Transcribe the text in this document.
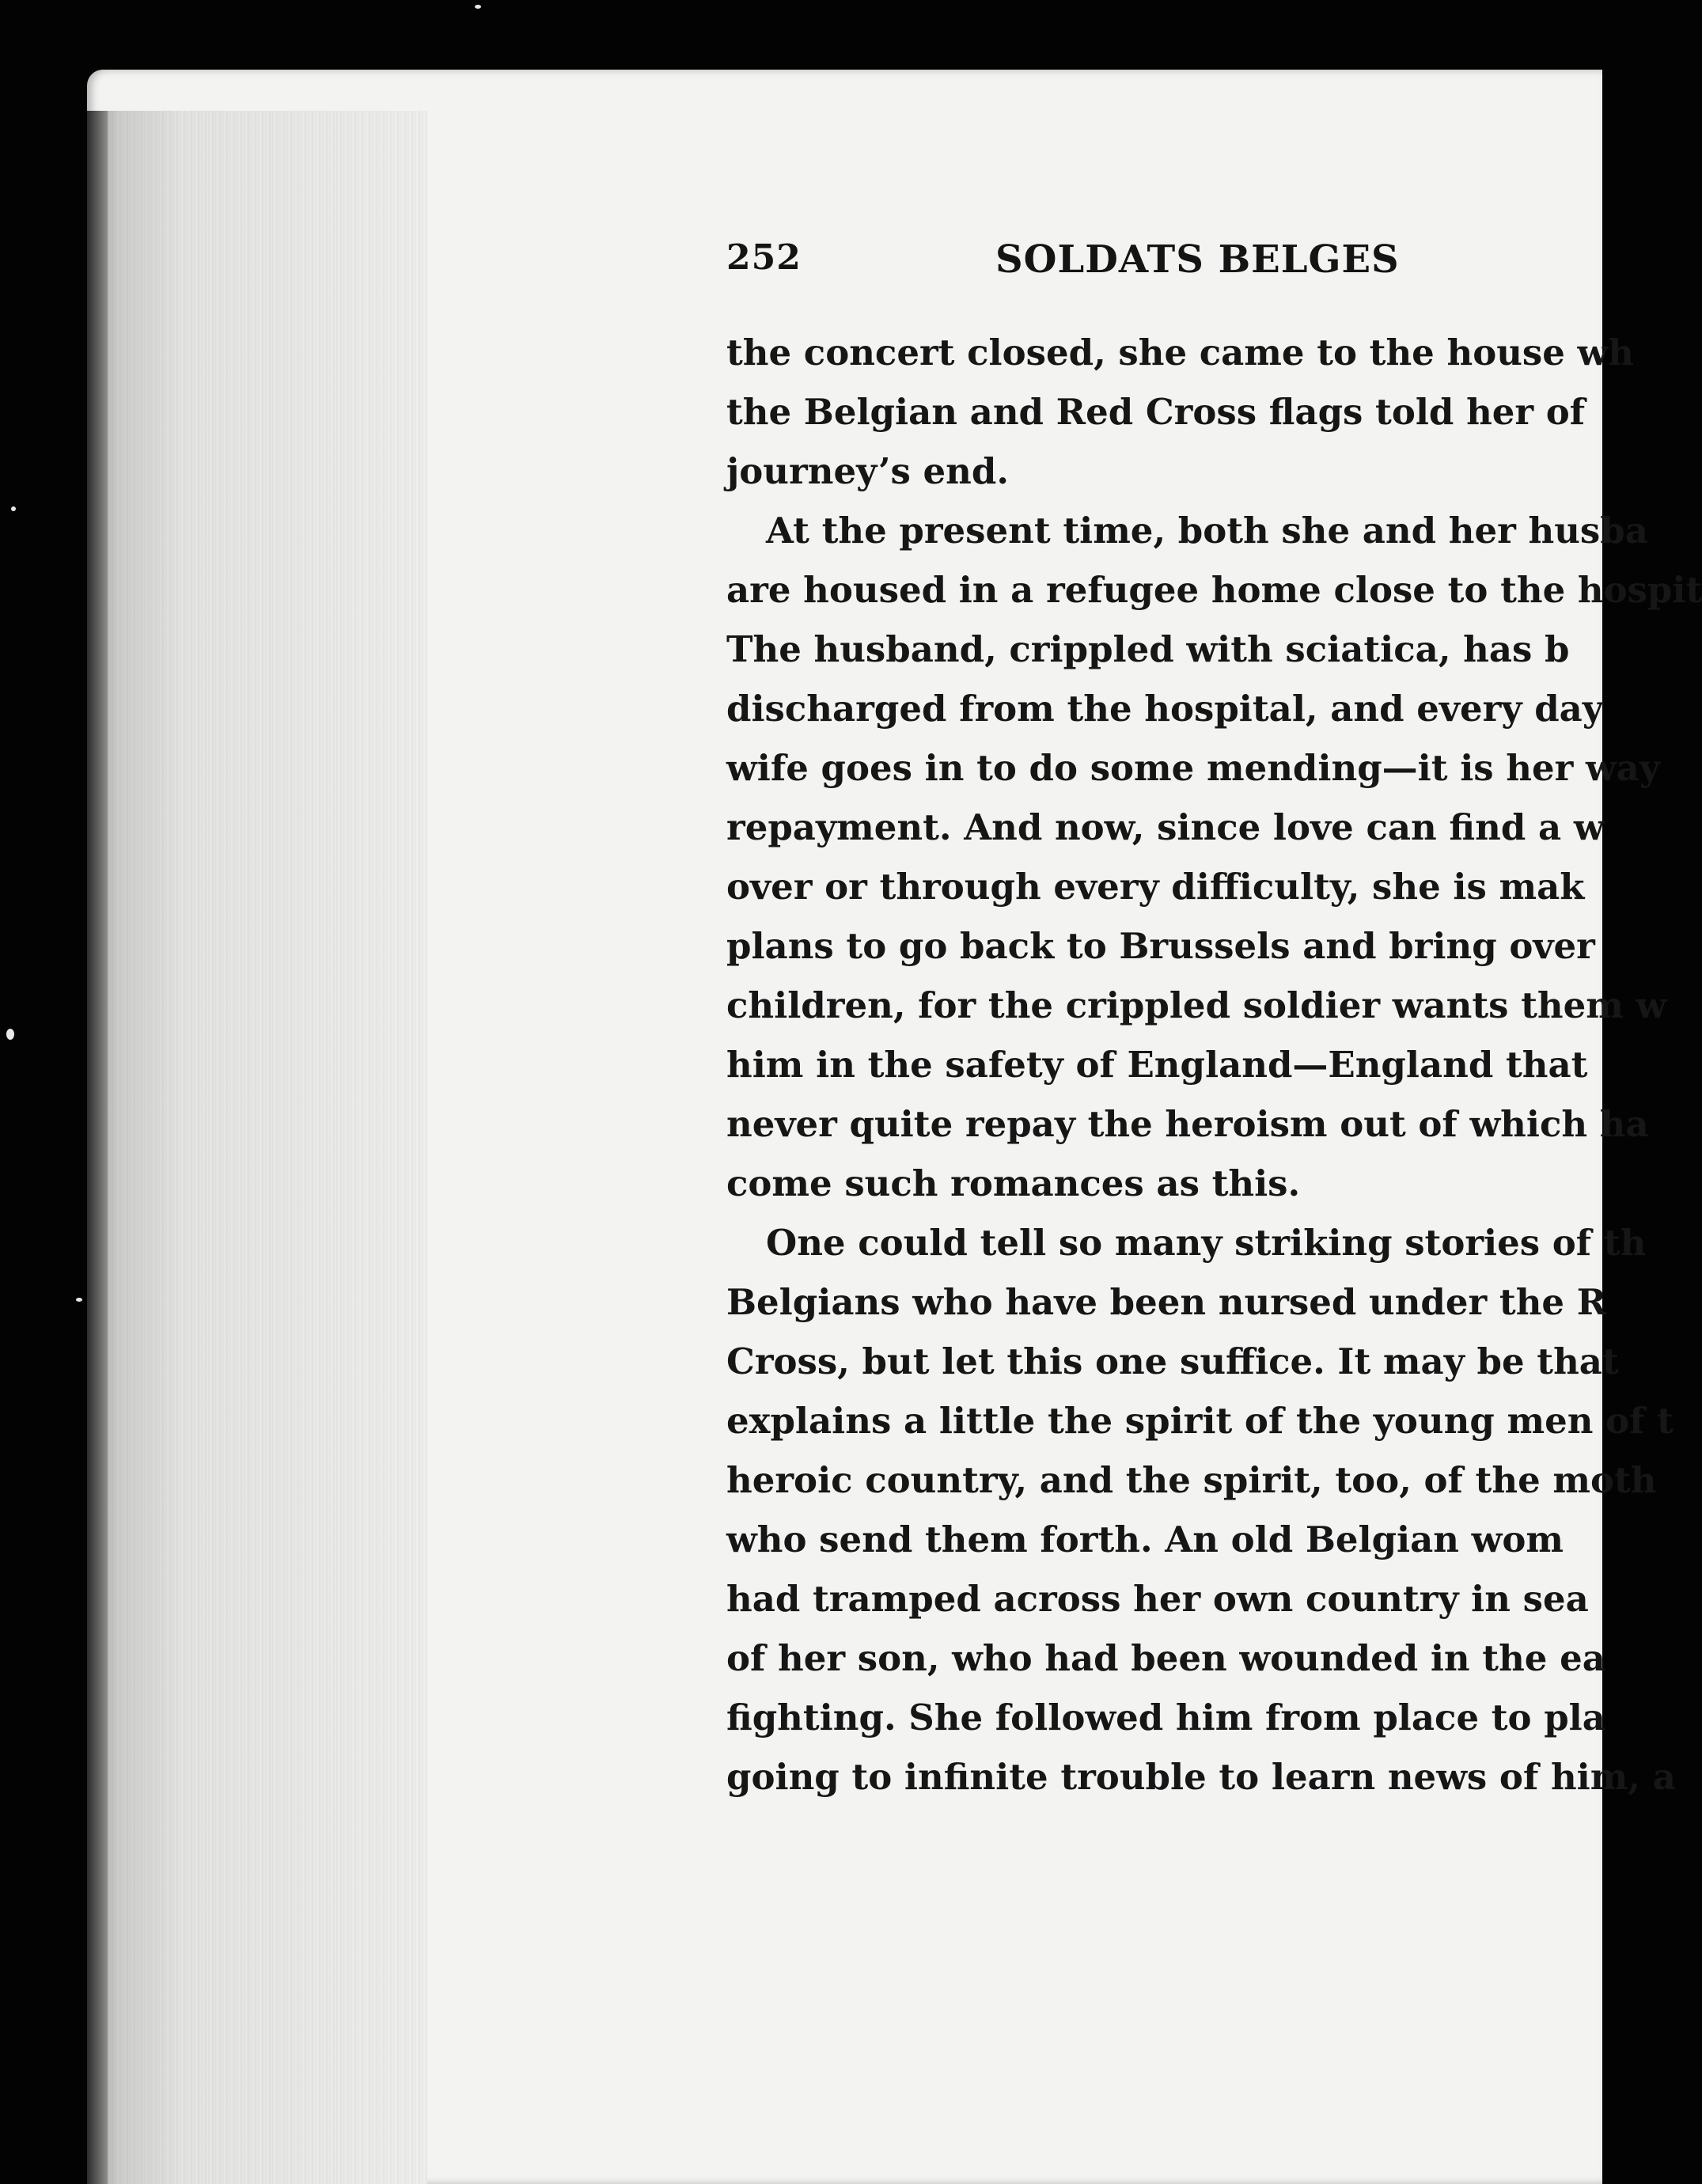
252	SOLDATS BELGES
the concert closed, she came to the house wh
the Belgian and Red Cross flags told her of
journey’s end.
At the present time, both she and her husba
are housed in a refugee home close to the hospit
The husband, crippled with sciatica, has b
discharged from the hospital, and every day
wife goes in to do some mending—it is her way
repayment. And now, since love can find a w
over or through every difficulty, she is mak
plans to go back to Brussels and bring over
children, for the crippled soldier wants them w
him in the safety of England—England that
never quite repay the heroism out of which ha
come such romances as this.
One could tell so many striking stories of th
Belgians who have been nursed under the R
Cross, but let this one suffice. It may be that
explains a little the spirit of the young men of t
heroic country, and the spirit, too, of the moth
who send them forth. An old Belgian wom
had tramped across her own country in sea
of her son, who had been wounded in the ea
fighting. She followed him from place to pla
going to infinite trouble to learn news of him, a
